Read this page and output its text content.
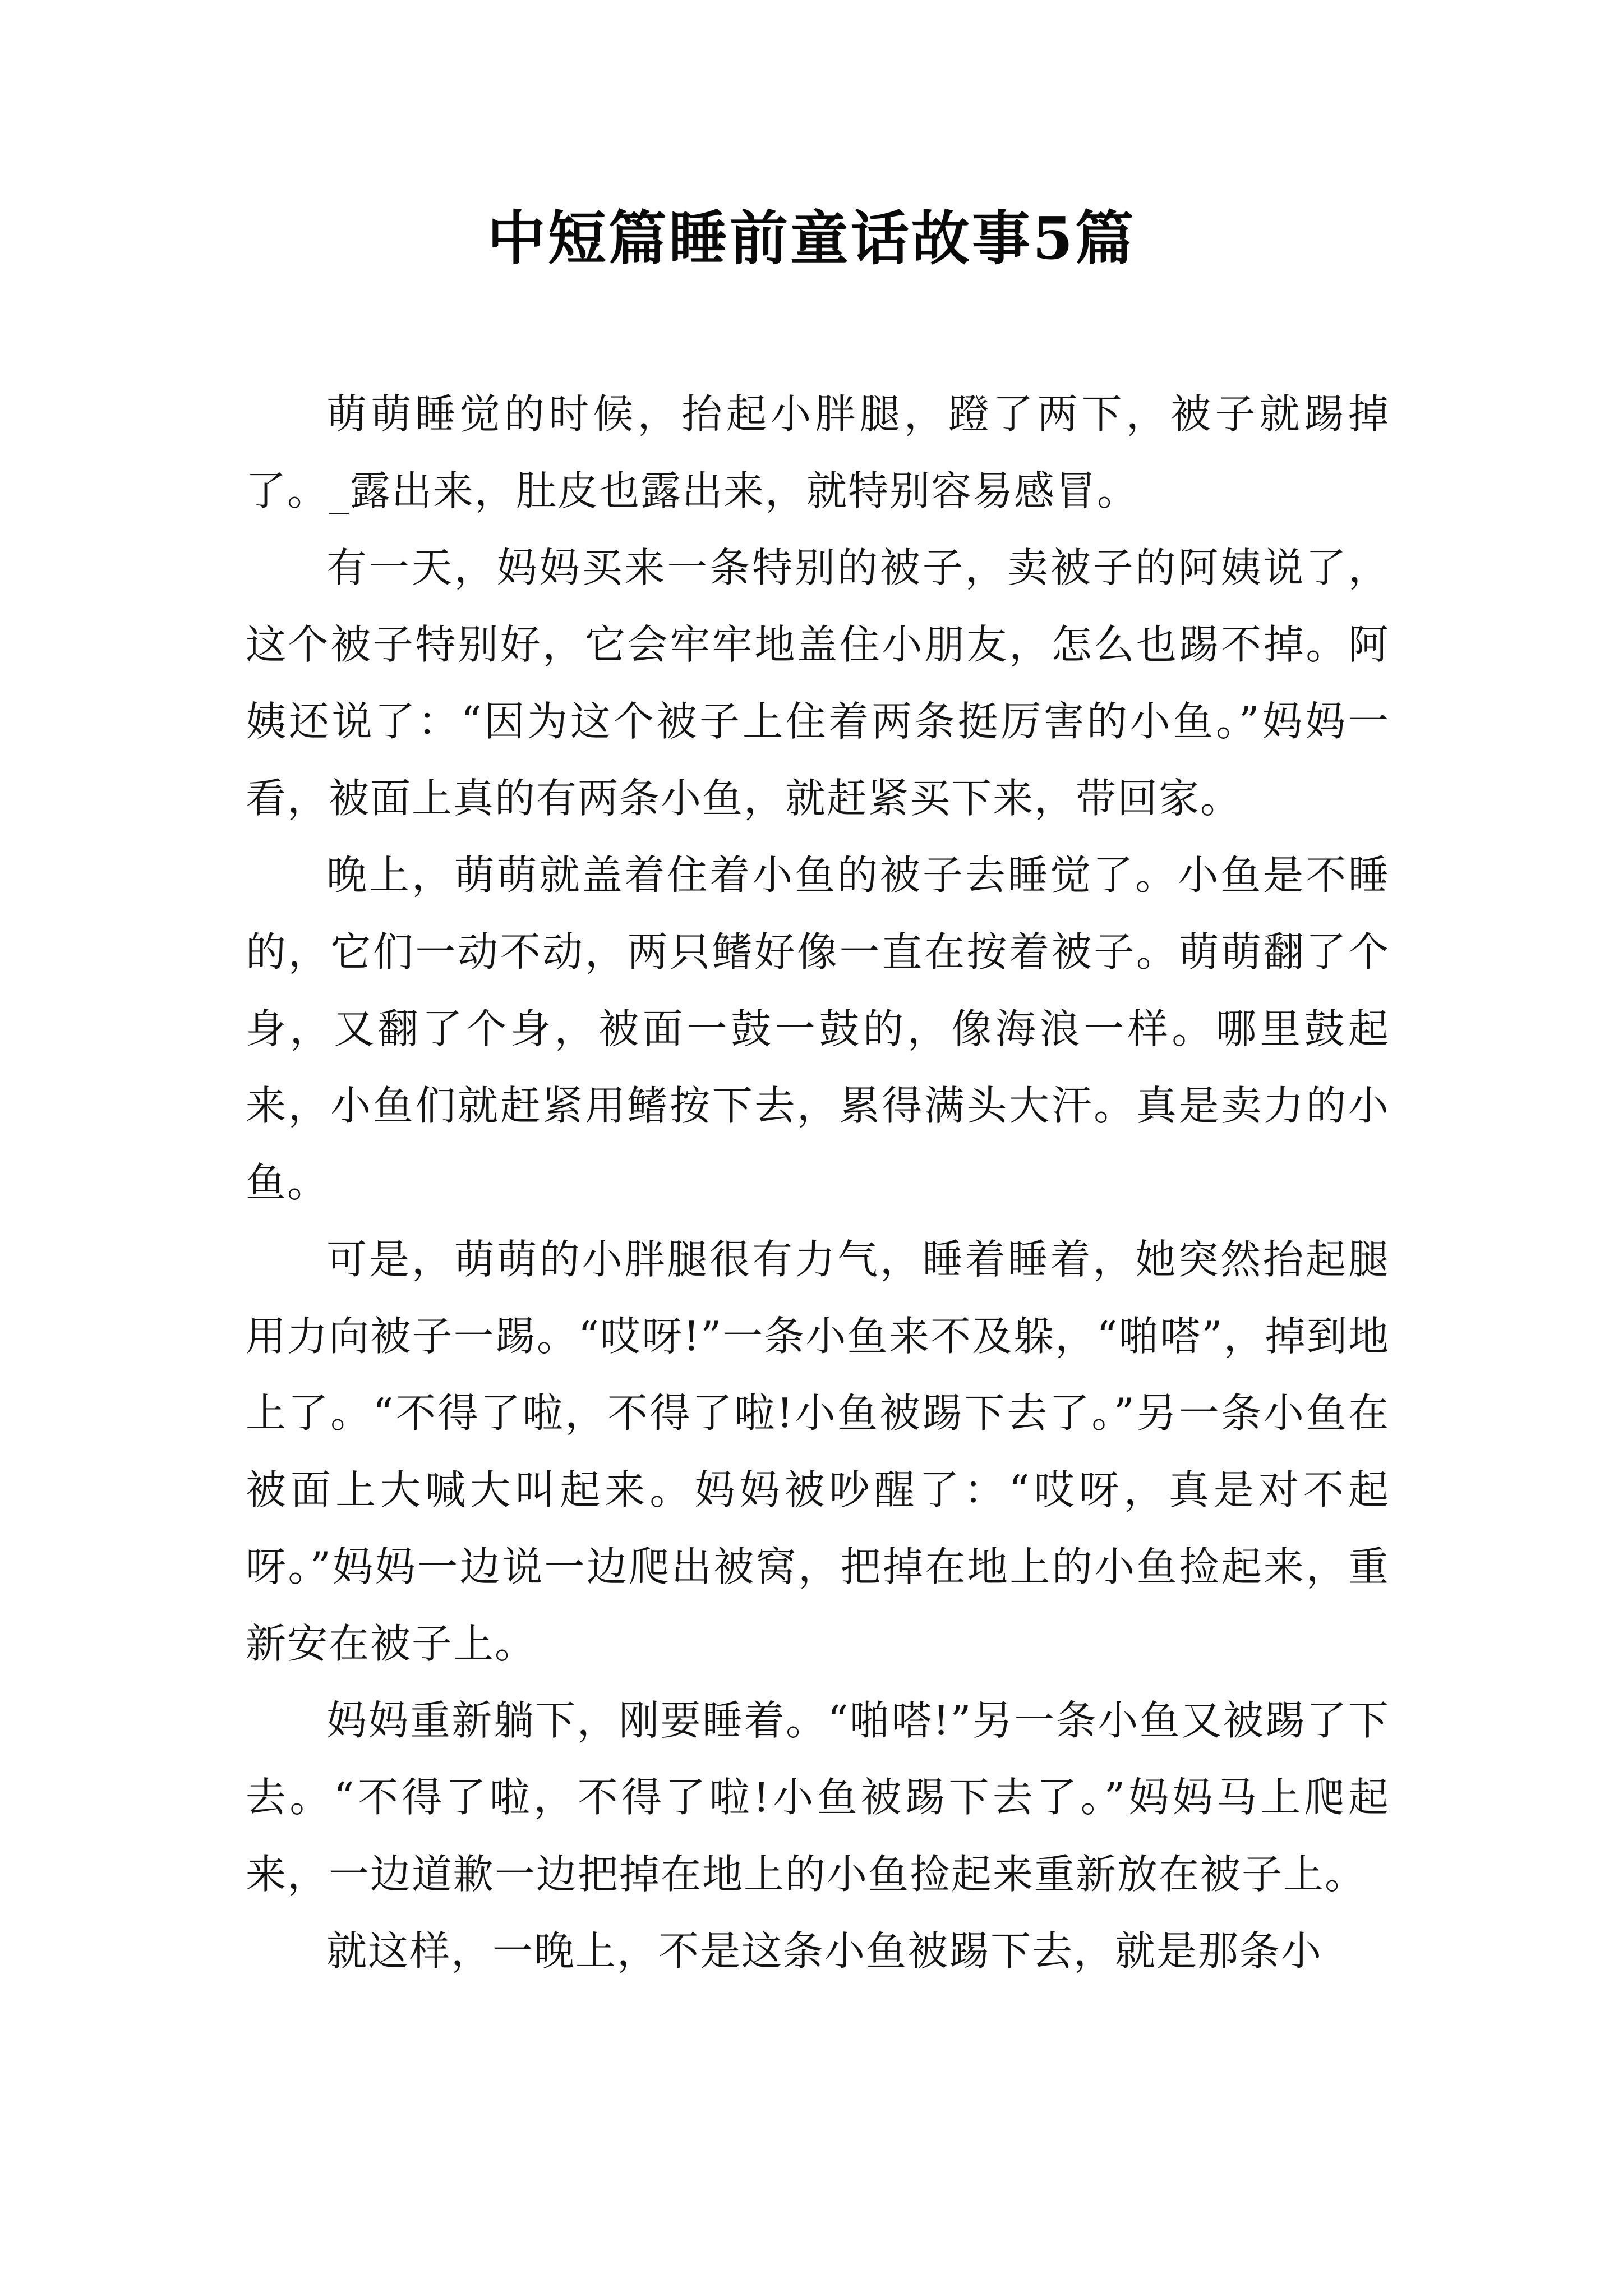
中短篇睡前童话故事5篇

萌萌睡觉的时候，抬起小胖腿，蹬了两下，被子就踢掉了。_露出来，肚皮也露出来，就特别容易感冒。

有一天，妈妈买来一条特别的被子，卖被子的阿姨说了，这个被子特别好，它会牢牢地盖住小朋友，怎么也踢不掉。阿姨还说了：“因为这个被子上住着两条挺厉害的小鱼。”妈妈一看，被面上真的有两条小鱼，就赶紧买下来，带回家。

晚上，萌萌就盖着住着小鱼的被子去睡觉了。小鱼是不睡的，它们一动不动，两只鳍好像一直在按着被子。萌萌翻了个身，又翻了个身，被面一鼓一鼓的，像海浪一样。哪里鼓起来，小鱼们就赶紧用鳍按下去，累得满头大汗。真是卖力的小鱼。

可是，萌萌的小胖腿很有力气，睡着睡着，她突然抬起腿用力向被子一踢。“哎呀!”一条小鱼来不及躲，“啪嗒”，掉到地上了。“不得了啦，不得了啦!小鱼被踢下去了。”另一条小鱼在被面上大喊大叫起来。妈妈被吵醒了：“哎呀，真是对不起呀。”妈妈一边说一边爬出被窝，把掉在地上的小鱼捡起来，重新安在被子上。

妈妈重新躺下，刚要睡着。“啪嗒!”另一条小鱼又被踢了下去。“不得了啦，不得了啦!小鱼被踢下去了。”妈妈马上爬起来，一边道歉一边把掉在地上的小鱼捡起来重新放在被子上。

就这样，一晚上，不是这条小鱼被踢下去，就是那条小
